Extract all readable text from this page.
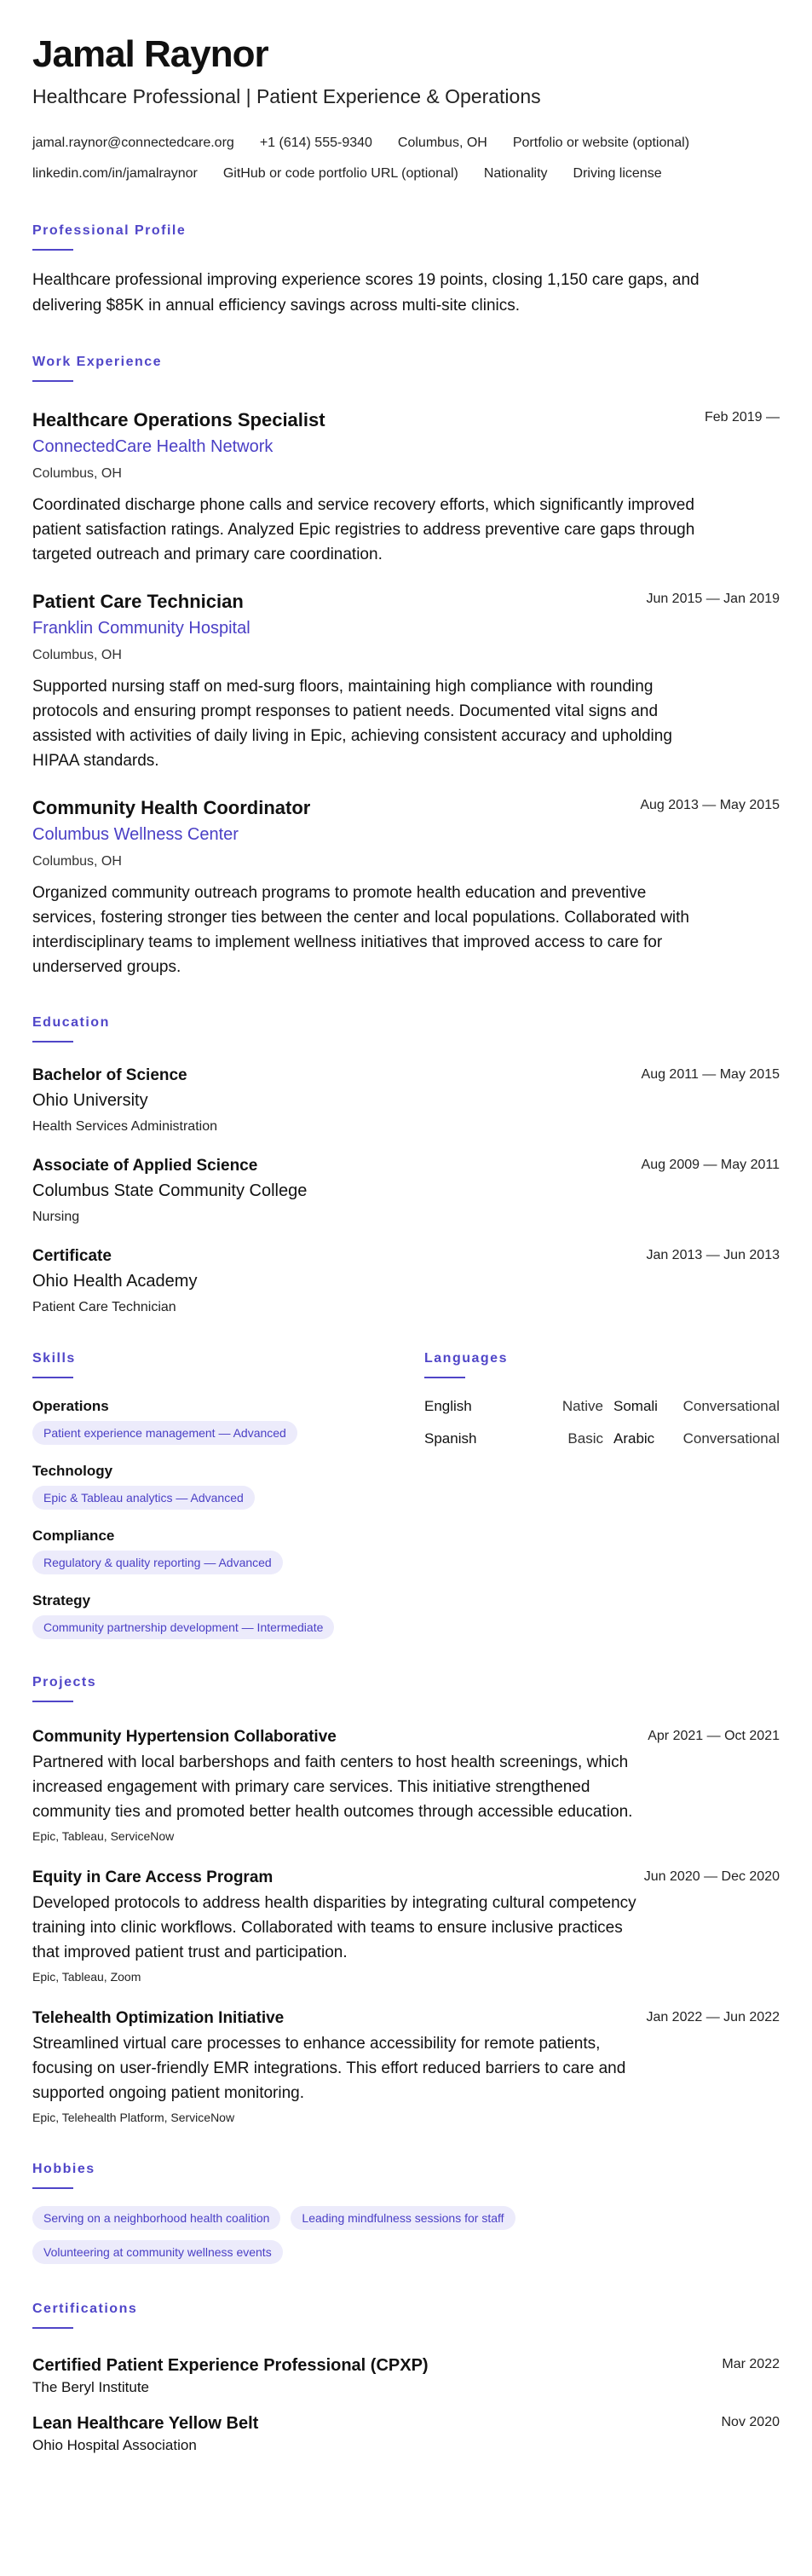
Jamal Raynor
Healthcare Professional | Patient Experience & Operations
jamal.raynor@connectedcare.org +1 (614) 555-9340 Columbus, OH Portfolio or website (optional)
linkedin.com/in/jamalraynor GitHub or code portfolio URL (optional) Nationality Driving license
Professional Profile
Healthcare professional improving experience scores 19 points, closing 1,150 care gaps, and delivering $85K in annual efficiency savings across multi-site clinics.
Work Experience
Healthcare Operations Specialist
ConnectedCare Health Network
Columbus, OH
Coordinated discharge phone calls and service recovery efforts, which significantly improved patient satisfaction ratings. Analyzed Epic registries to address preventive care gaps through targeted outreach and primary care coordination.
Feb 2019 —
Patient Care Technician
Franklin Community Hospital
Columbus, OH
Supported nursing staff on med-surg floors, maintaining high compliance with rounding protocols and ensuring prompt responses to patient needs. Documented vital signs and assisted with activities of daily living in Epic, achieving consistent accuracy and upholding HIPAA standards.
Jun 2015 — Jan 2019
Community Health Coordinator
Columbus Wellness Center
Columbus, OH
Organized community outreach programs to promote health education and preventive services, fostering stronger ties between the center and local populations. Collaborated with interdisciplinary teams to implement wellness initiatives that improved access to care for underserved groups.
Aug 2013 — May 2015
Education
Bachelor of Science
Ohio University
Health Services Administration
Aug 2011 — May 2015
Associate of Applied Science
Columbus State Community College
Nursing
Aug 2009 — May 2011
Certificate
Ohio Health Academy
Patient Care Technician
Jan 2013 — Jun 2013
Skills
Operations
Patient experience management — Advanced
Technology
Epic & Tableau analytics — Advanced
Compliance
Regulatory & quality reporting — Advanced
Strategy
Community partnership development — Intermediate
Languages
English	Native Somali	Conversational
Spanish	Basic Arabic	Conversational
Projects
Community Hypertension Collaborative
Partnered with local barbershops and faith centers to host health screenings, which increased engagement with primary care services. This initiative strengthened community ties and promoted better health outcomes through accessible education.
Epic, Tableau, ServiceNow
Apr 2021 — Oct 2021
Equity in Care Access Program
Developed protocols to address health disparities by integrating cultural competency training into clinic workflows. Collaborated with teams to ensure inclusive practices that improved patient trust and participation.
Epic, Tableau, Zoom
Jun 2020 — Dec 2020
Telehealth Optimization Initiative
Streamlined virtual care processes to enhance accessibility for remote patients, focusing on user-friendly EMR integrations. This effort reduced barriers to care and supported ongoing patient monitoring.
Epic, Telehealth Platform, ServiceNow
Jan 2022 — Jun 2022
Hobbies
Serving on a neighborhood health coalition	Leading mindfulness sessions for staff
Volunteering at community wellness events
Certifications
Certified Patient Experience Professional (CPXP)
The Beryl Institute
Mar 2022
Lean Healthcare Yellow Belt
Ohio Hospital Association
Nov 2020
